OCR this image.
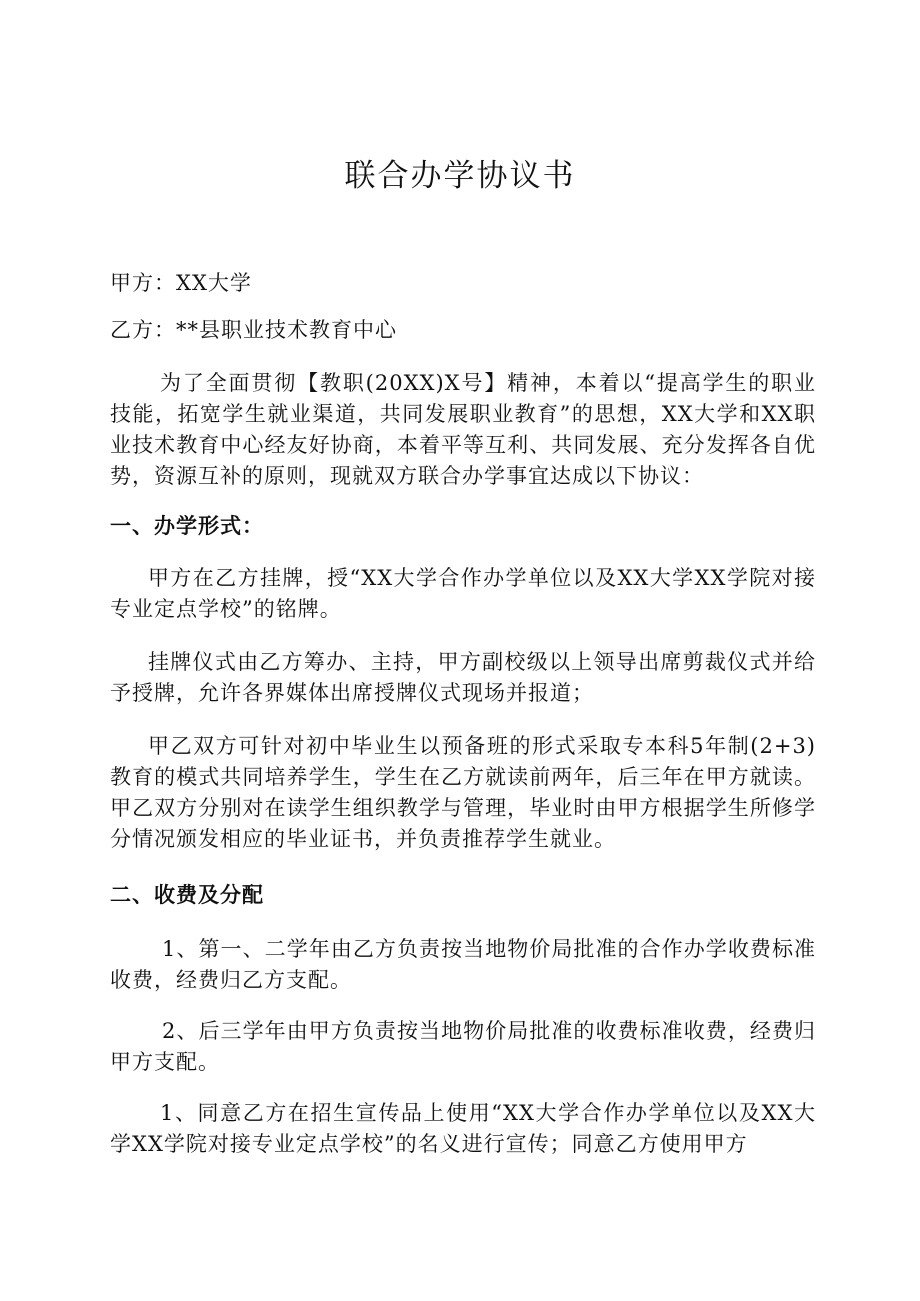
联合办学协议书

甲方：XX大学

乙方：**县职业技术教育中心

为了全面贯彻【教职(20XX)X号】精神，本着以“提高学生的职业技能，拓宽学生就业渠道，共同发展职业教育”的思想，XX大学和XX职业技术教育中心经友好协商，本着平等互利、共同发展、充分发挥各自优势，资源互补的原则，现就双方联合办学事宜达成以下协议：

一、办学形式：

甲方在乙方挂牌，授“XX大学合作办学单位以及XX大学XX学院对接专业定点学校”的铭牌。

挂牌仪式由乙方筹办、主持，甲方副校级以上领导出席剪裁仪式并给予授牌，允许各界媒体出席授牌仪式现场并报道；

甲乙双方可针对初中毕业生以预备班的形式采取专本科5年制(2+3)教育的模式共同培养学生，学生在乙方就读前两年，后三年在甲方就读。甲乙双方分别对在读学生组织教学与管理，毕业时由甲方根据学生所修学分情况颁发相应的毕业证书，并负责推荐学生就业。

二、收费及分配

1、第一、二学年由乙方负责按当地物价局批准的合作办学收费标准收费，经费归乙方支配。

2、后三学年由甲方负责按当地物价局批准的收费标准收费，经费归甲方支配。

1、同意乙方在招生宣传品上使用“XX大学合作办学单位以及XX大学XX学院对接专业定点学校”的名义进行宣传；同意乙方使用甲方
